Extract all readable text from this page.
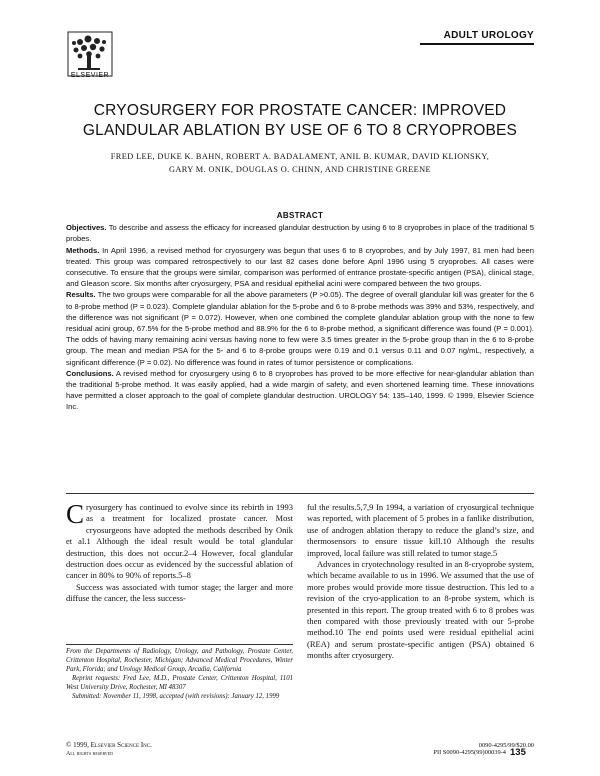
ELSEVIER
ADULT UROLOGY
CRYOSURGERY FOR PROSTATE CANCER: IMPROVED
GLANDULAR ABLATION BY USE OF 6 TO 8 CRYOPROBES
FRED LEE, DUKE K. BAHN, ROBERT A. BADALAMENT, ANIL B. KUMAR, DAVID KLIONSKY,
GARY M. ONIK, DOUGLAS O. CHINN, AND CHRISTINE GREENE
ABSTRACT

Objectives. To describe and assess the efficacy for increased glandular destruction by using 6 to 8 cryoprobes in place of the traditional 5 probes.

Methods. In April 1996, a revised method for cryosurgery was begun that uses 6 to 8 cryoprobes, and by July 1997, 81 men had been treated. This group was compared retrospectively to our last 82 cases done before April 1996 using 5 cryoprobes. All cases were consecutive. To ensure that the groups were similar, comparison was performed of entrance prostate-specific antigen (PSA), clinical stage, and Gleason score. Six months after cryosurgery, PSA and residual epithelial acini were compared between the two groups.

Results. The two groups were comparable for all the above parameters (P >0.05). The degree of overall glandular kill was greater for the 6 to 8-probe method (P = 0.023). Complete glandular ablation for the 5-probe and 6 to 8-probe methods was 39% and 53%, respectively, and the difference was not significant (P = 0.072). However, when one combined the complete glandular ablation group with the none to few residual acini group, 67.5% for the 5-probe method and 88.9% for the 6 to 8-probe method, a significant difference was found (P = 0.001). The odds of having many remaining acini versus having none to few were 3.5 times greater in the 5-probe group than in the 6 to 8-probe group. The mean and median PSA for the 5- and 6 to 8-probe groups were 0.19 and 0.1 versus 0.11 and 0.07 ng/mL, respectively, a significant difference (P = 0.02). No difference was found in rates of tumor persistence or complications.

Conclusions. A revised method for cryosurgery using 6 to 8 cryoprobes has proved to be more effective for near-glandular ablation than the traditional 5-probe method. It was easily applied, had a wide margin of safety, and even shortened learning time. These innovations have permitted a closer approach to the goal of complete glandular destruction. UROLOGY 54: 135–140, 1999. © 1999, Elsevier Science Inc.

Cryosurgery has continued to evolve since its rebirth in 1993 as a treatment for localized prostate cancer. Most cryosurgeons have adopted the methods described by Onik et al.1 Although the ideal result would be total glandular destruction, this does not occur.2–4 However, focal glandular destruction does occur as evidenced by the successful ablation of cancer in 80% to 90% of reports.5–8

Success was associated with tumor stage; the larger and more diffuse the cancer, the less success-

ful the results.5,7,9 In 1994, a variation of cryosurgical technique was reported, with placement of 5 probes in a fanlike distribution, use of androgen ablation therapy to reduce the gland’s size, and thermosensors to ensure tissue kill.10 Although the results improved, local failure was still related to tumor stage.5

Advances in cryotechnology resulted in an 8-cryoprobe system, which became available to us in 1996. We assumed that the use of more probes would provide more tissue destruction. This led to a revision of the cryo-application to an 8-probe system, which is presented in this report. The group treated with 6 to 8 probes was then compared with those previously treated with our 5-probe method.10 The end points used were residual epithelial acini (REA) and serum prostate-specific antigen (PSA) obtained 6 months after cryosurgery.

From the Departments of Radiology, Urology, and Pathology, Prostate Center, Crittenton Hospital, Rochester, Michigan; Advanced Medical Procedures, Winter Park, Florida; and Urology Medical Group, Arcadia, California

Reprint requests: Fred Lee, M.D., Prostate Center, Crittenton Hospital, 1101 West University Drive, Rochester, MI 48307

Submitted: November 11, 1998, accepted (with revisions): January 12, 1999

© 1999, Elsevier Science Inc.
All rights reserved
0090-4295/99/$20.00
PII S0090-4295(99)00039-4 135
